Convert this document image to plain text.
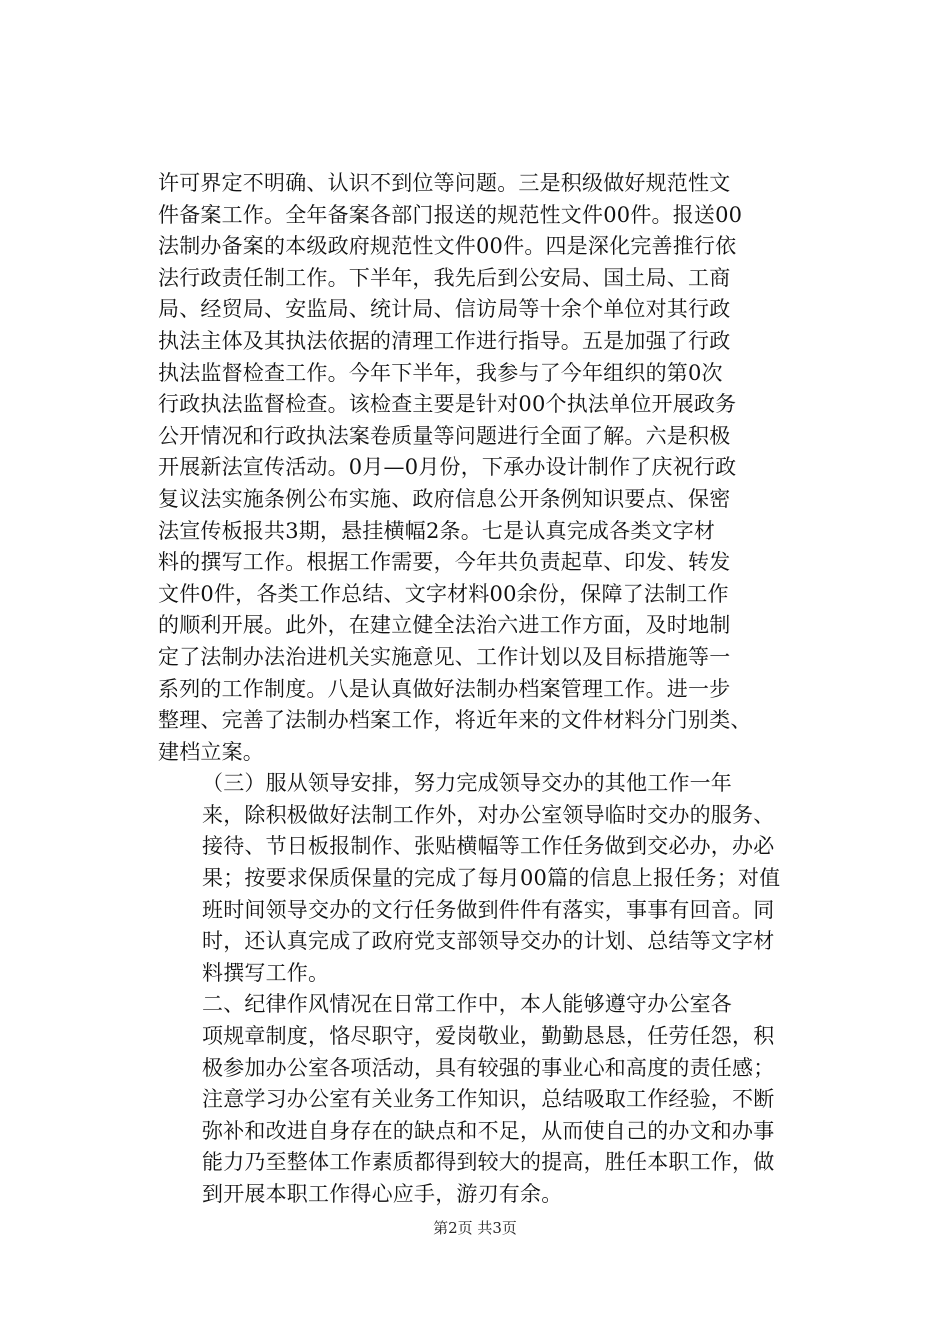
许可界定不明确、认识不到位等问题。三是积级做好规范性文
件备案工作。全年备案各部门报送的规范性文件00件。报送00
法制办备案的本级政府规范性文件00件。四是深化完善推行依
法行政责任制工作。下半年，我先后到公安局、国土局、工商
局、经贸局、安监局、统计局、信访局等十余个单位对其行政
执法主体及其执法依据的清理工作进行指导。五是加强了行政
执法监督检查工作。今年下半年，我参与了今年组织的第0次
行政执法监督检查。该检查主要是针对00个执法单位开展政务
公开情况和行政执法案卷质量等问题进行全面了解。六是积极
开展新法宣传活动。0月—0月份，下承办设计制作了庆祝行政
复议法实施条例公布实施、政府信息公开条例知识要点、保密
法宣传板报共3期，悬挂横幅2条。七是认真完成各类文字材
料的撰写工作。根据工作需要，今年共负责起草、印发、转发
文件0件，各类工作总结、文字材料00余份，保障了法制工作
的顺利开展。此外，在建立健全法治六进工作方面，及时地制
定了法制办法治进机关实施意见、工作计划以及目标措施等一
系列的工作制度。八是认真做好法制办档案管理工作。进一步
整理、完善了法制办档案工作，将近年来的文件材料分门别类、
建档立案。

（三）服从领导安排，努力完成领导交办的其他工作一年
来，除积极做好法制工作外，对办公室领导临时交办的服务、
接待、节日板报制作、张贴横幅等工作任务做到交必办，办必
果；按要求保质保量的完成了每月00篇的信息上报任务；对值
班时间领导交办的文行任务做到件件有落实，事事有回音。同
时，还认真完成了政府党支部领导交办的计划、总结等文字材
料撰写工作。

二、纪律作风情况在日常工作中，本人能够遵守办公室各
项规章制度，恪尽职守，爱岗敬业，勤勤恳恳，任劳任怨，积
极参加办公室各项活动，具有较强的事业心和高度的责任感；
注意学习办公室有关业务工作知识，总结吸取工作经验，不断
弥补和改进自身存在的缺点和不足，从而使自己的办文和办事
能力乃至整体工作素质都得到较大的提高，胜任本职工作，做
到开展本职工作得心应手，游刃有余。

第2页 共3页
